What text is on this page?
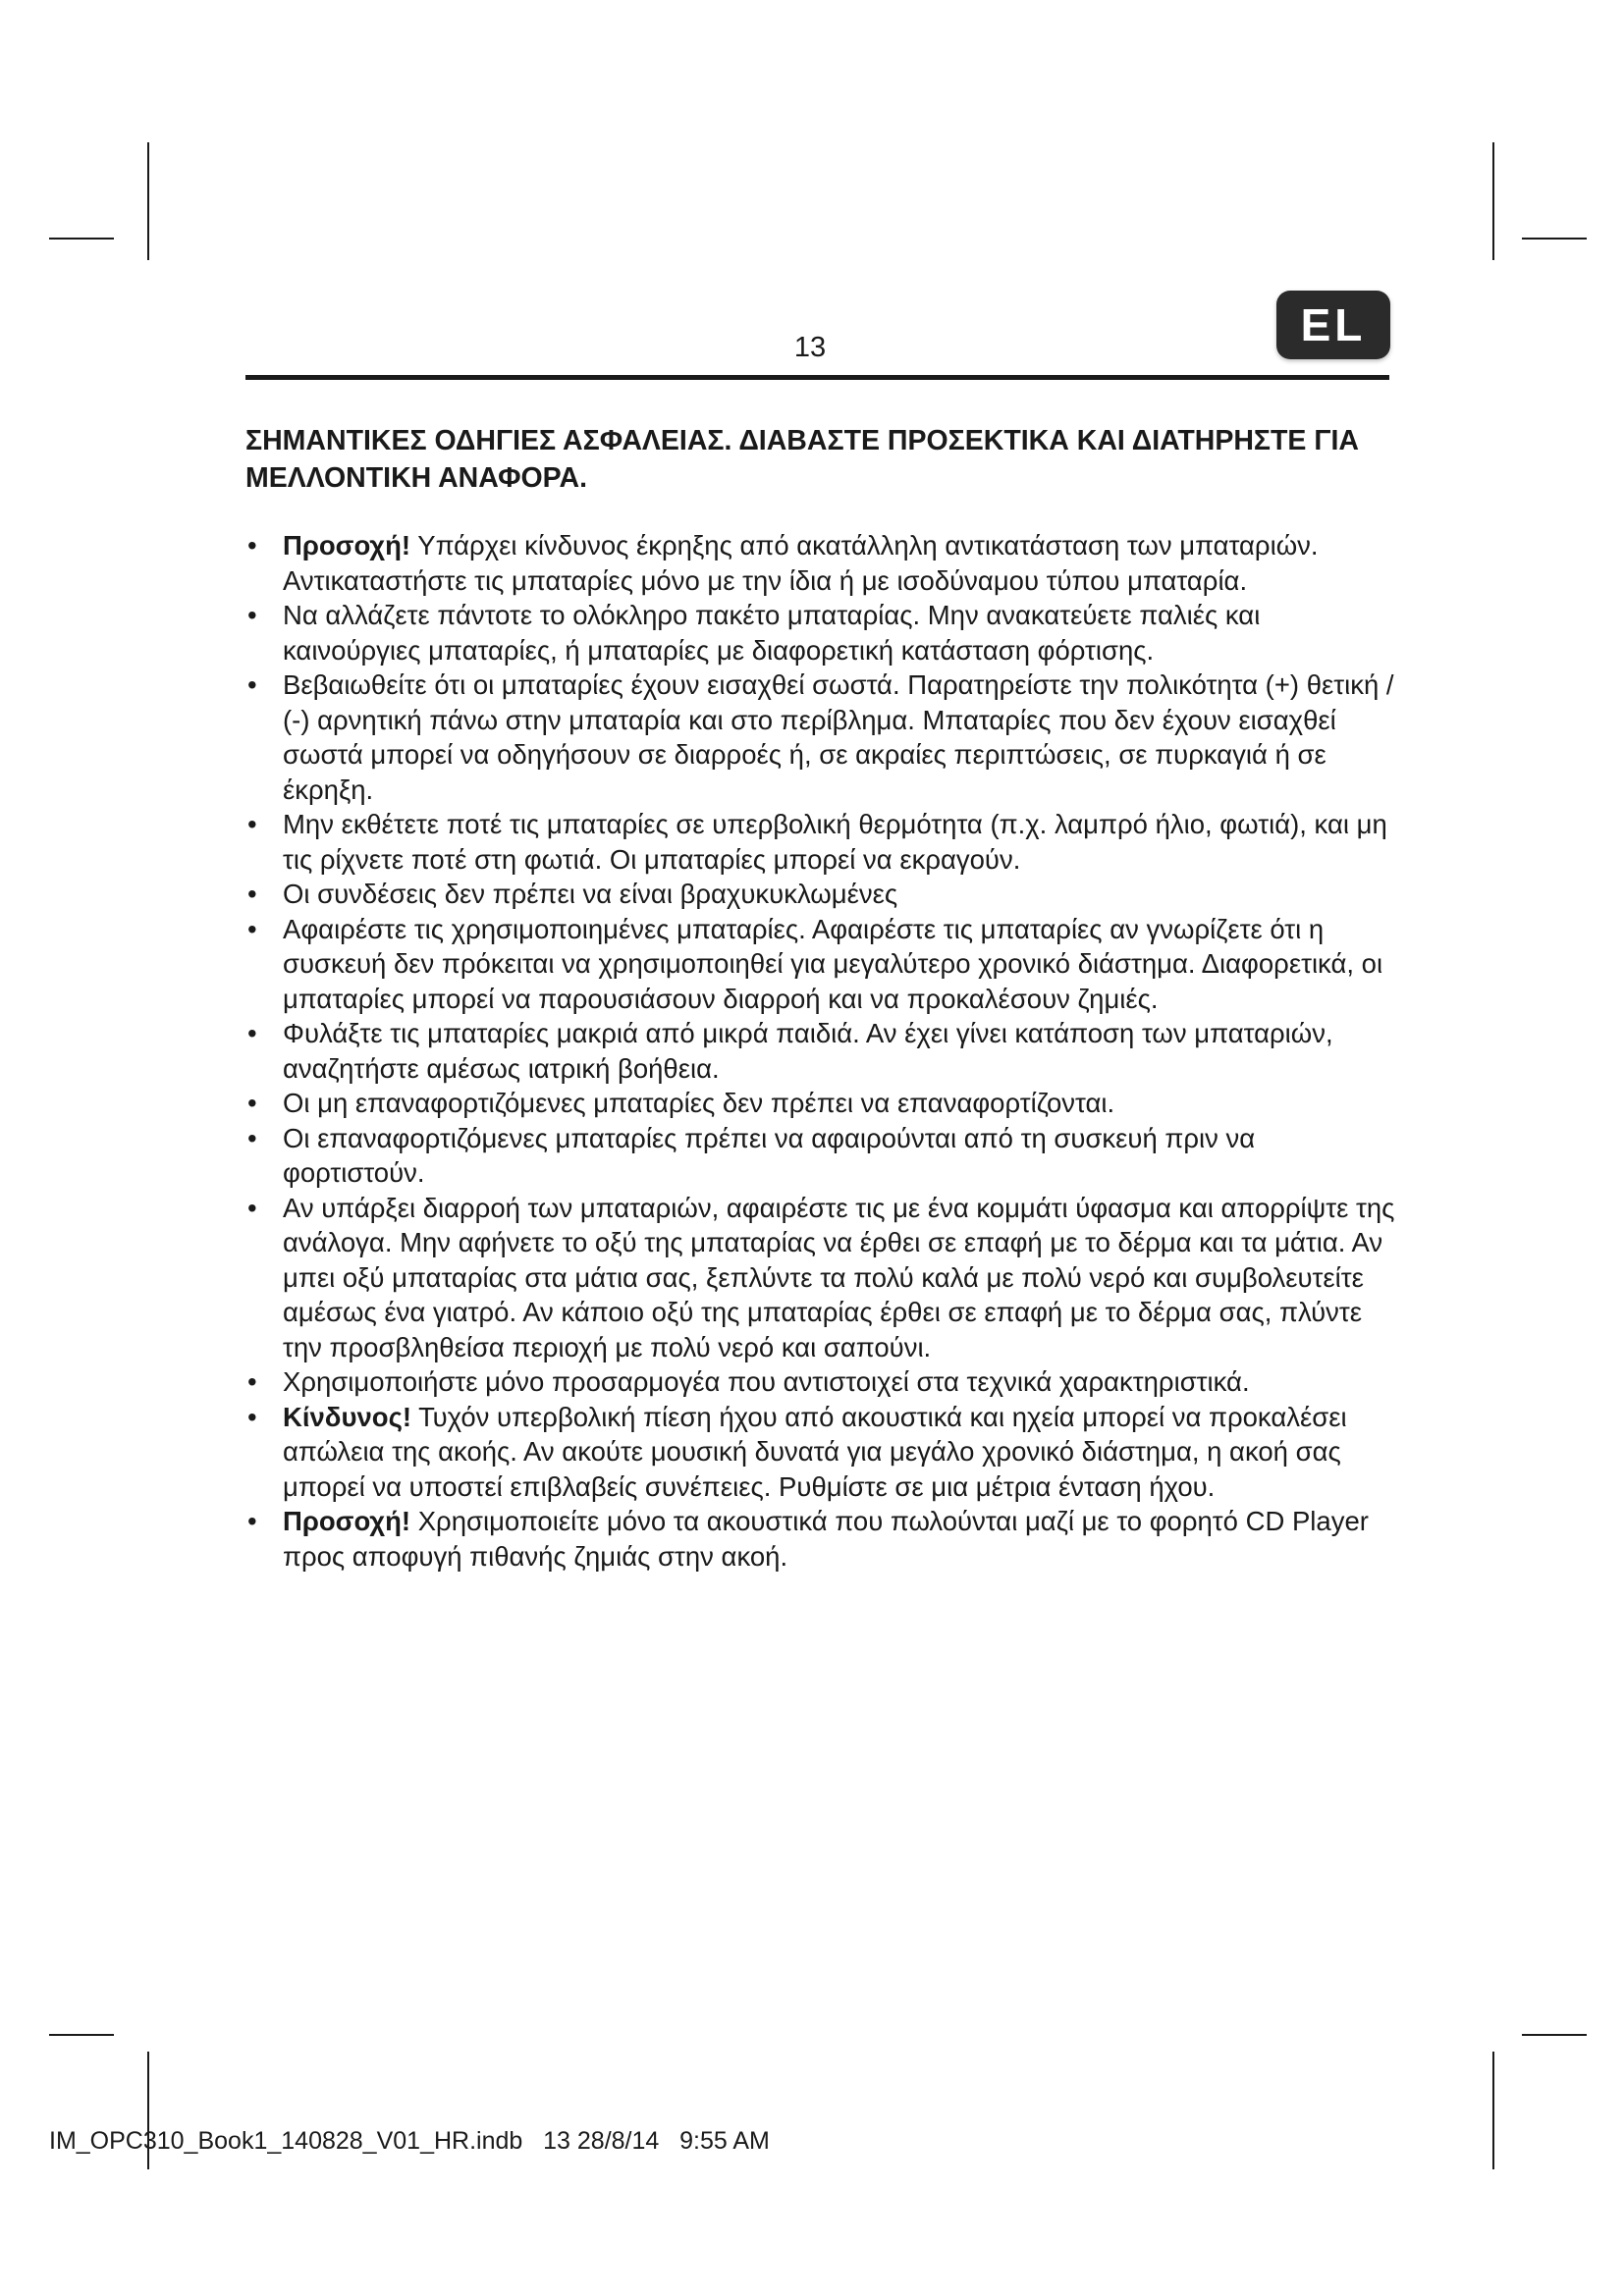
13	EL
ΣΗΜΑΝΤΙΚΕΣ ΟΔΗΓΙΕΣ ΑΣΦΑΛΕΙΑΣ. ΔΙΑΒΑΣΤΕ ΠΡΟΣΕΚΤΙΚΑ ΚΑΙ ΔΙΑΤΗΡΗΣΤΕ ΓΙΑ ΜΕΛΛΟΝΤΙΚΗ ΑΝΑΦΟΡΑ.
• Προσοχή! Υπάρχει κίνδυνος έκρηξης από ακατάλληλη αντικατάσταση των μπαταριών. Αντικαταστήστε τις μπαταρίες μόνο με την ίδια ή με ισοδύναμου τύπου μπαταρία.
• Να αλλάζετε πάντοτε το ολόκληρο πακέτο μπαταρίας. Μην ανακατεύετε παλιές και καινούργιες μπαταρίες, ή μπαταρίες με διαφορετική κατάσταση φόρτισης.
• Βεβαιωθείτε ότι οι μπαταρίες έχουν εισαχθεί σωστά. Παρατηρείστε την πολικότητα (+) θετική / (-) αρνητική πάνω στην μπαταρία και στο περίβλημα. Μπαταρίες που δεν έχουν εισαχθεί σωστά μπορεί να οδηγήσουν σε διαρροές ή, σε ακραίες περιπτώσεις, σε πυρκαγιά ή σε έκρηξη.
• Μην εκθέτετε ποτέ τις μπαταρίες σε υπερβολική θερμότητα (π.χ. λαμπρό ήλιο, φωτιά), και μη τις ρίχνετε ποτέ στη φωτιά. Οι μπαταρίες μπορεί να εκραγούν.
• Οι συνδέσεις δεν πρέπει να είναι βραχυκυκλωμένες
• Αφαιρέστε τις χρησιμοποιημένες μπαταρίες. Αφαιρέστε τις μπαταρίες αν γνωρίζετε ότι η συσκευή δεν πρόκειται να χρησιμοποιηθεί για μεγαλύτερο χρονικό διάστημα. Διαφορετικά, οι μπαταρίες μπορεί να παρουσιάσουν διαρροή και να προκαλέσουν ζημιές.
• Φυλάξτε τις μπαταρίες μακριά από μικρά παιδιά. Αν έχει γίνει κατάποση των μπαταριών, αναζητήστε αμέσως ιατρική βοήθεια.
• Οι μη επαναφορτιζόμενες μπαταρίες δεν πρέπει να επαναφορτίζονται.
• Οι επαναφορτιζόμενες μπαταρίες πρέπει να αφαιρούνται από τη συσκευή πριν να φορτιστούν.
• Αν υπάρξει διαρροή των μπαταριών, αφαιρέστε τις με ένα κομμάτι ύφασμα και απορρίψτε της ανάλογα. Μην αφήνετε το οξύ της μπαταρίας να έρθει σε επαφή με το δέρμα και τα μάτια. Αν μπει οξύ μπαταρίας στα μάτια σας, ξεπλύντε τα πολύ καλά με πολύ νερό και συμβολευτείτε αμέσως ένα γιατρό. Αν κάποιο οξύ της μπαταρίας έρθει σε επαφή με το δέρμα σας, πλύντε την προσβληθείσα περιοχή με πολύ νερό και σαπούνι.
• Χρησιμοποιήστε μόνο προσαρμογέα που αντιστοιχεί στα τεχνικά χαρακτηριστικά.
• Κίνδυνος! Τυχόν υπερβολική πίεση ήχου από ακουστικά και ηχεία μπορεί να προκαλέσει απώλεια της ακοής. Αν ακούτε μουσική δυνατά για μεγάλο χρονικό διάστημα, η ακοή σας μπορεί να υποστεί επιβλαβείς συνέπειες. Ρυθμίστε σε μια μέτρια ένταση ήχου.
• Προσοχή! Χρησιμοποιείτε μόνο τα ακουστικά που πωλούνται μαζί με το φορητό CD Player προς αποφυγή πιθανής ζημιάς στην ακοή.
IM_OPC310_Book1_140828_V01_HR.indb   13 28/8/14   9:55 AM
